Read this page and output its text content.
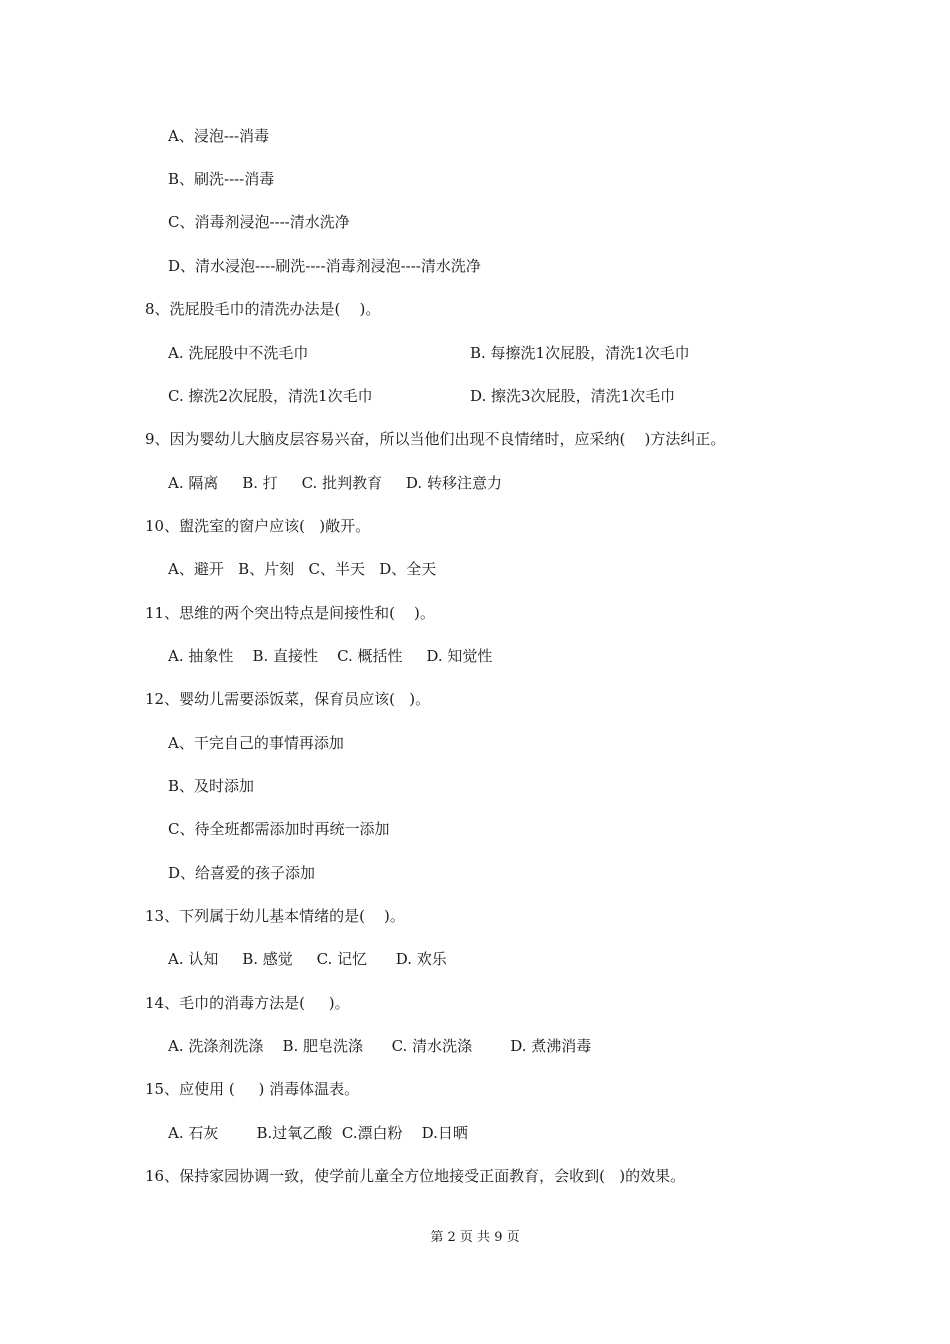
A、浸泡---消毒
B、刷洗----消毒
C、消毒剂浸泡----清水洗净
D、清水浸泡----刷洗----消毒剂浸泡----清水洗净
8、洗屁股毛巾的清洗办法是(    )。
A. 洗屁股中不洗毛巾	B. 每擦洗1次屁股，清洗1次毛巾
C. 擦洗2次屁股，清洗1次毛巾	D. 擦洗3次屁股，清洗1次毛巾
9、因为婴幼儿大脑皮层容易兴奋，所以当他们出现不良情绪时，应采纳(    )方法纠正。
A. 隔离     B. 打     C. 批判教育     D. 转移注意力
10、盥洗室的窗户应该(   )敞开。
A、避开   B、片刻   C、半天   D、全天
11、思维的两个突出特点是间接性和(    )。
A. 抽象性    B. 直接性    C. 概括性     D. 知觉性
12、婴幼儿需要添饭菜，保育员应该(   )。
A、干完自己的事情再添加
B、及时添加
C、待全班都需添加时再统一添加
D、给喜爱的孩子添加
13、下列属于幼儿基本情绪的是(    )。
A. 认知     B. 感觉     C. 记忆      D. 欢乐
14、毛巾的消毒方法是(     )。
A. 洗涤剂洗涤    B. 肥皂洗涤      C. 清水洗涤        D. 煮沸消毒
15、应使用 (     ) 消毒体温表。
A. 石灰        B.过氧乙酸  C.漂白粉    D.日晒
16、保持家园协调一致，使学前儿童全方位地接受正面教育，会收到(   )的效果。
第 2 页 共 9 页
